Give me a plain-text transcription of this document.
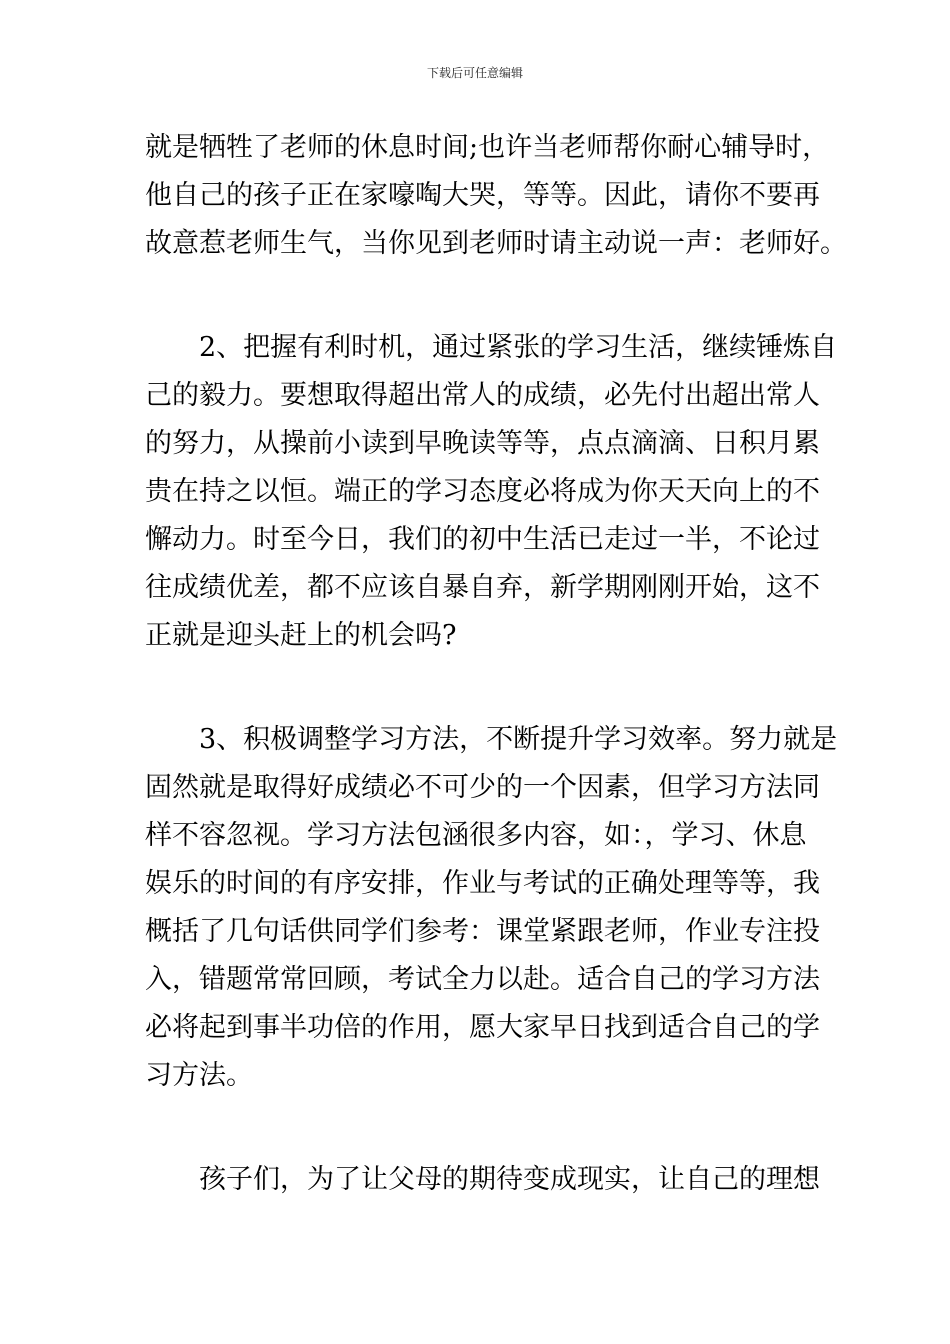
下载后可任意编辑
就是牺牲了老师的休息时间;也许当老师帮你耐心辅导时，
他自己的孩子正在家嚎啕大哭，等等。因此，请你不要再
故意惹老师生气，当你见到老师时请主动说一声：老师好。
2、把握有利时机，通过紧张的学习生活，继续锤炼自
己的毅力。要想取得超出常人的成绩，必先付出超出常人
的努力，从操前小读到早晚读等等，点点滴滴、日积月累
贵在持之以恒。端正的学习态度必将成为你天天向上的不
懈动力。时至今日，我们的初中生活已走过一半，不论过
往成绩优差，都不应该自暴自弃，新学期刚刚开始，这不
正就是迎头赶上的机会吗?
3、积极调整学习方法，不断提升学习效率。努力就是
固然就是取得好成绩必不可少的一个因素，但学习方法同
样不容忽视。学习方法包涵很多内容，如：，学习、休息
娱乐的时间的有序安排，作业与考试的正确处理等等，我
概括了几句话供同学们参考：课堂紧跟老师，作业专注投
入，错题常常回顾，考试全力以赴。适合自己的学习方法
必将起到事半功倍的作用，愿大家早日找到适合自己的学
习方法。
孩子们，为了让父母的期待变成现实，让自己的理想
